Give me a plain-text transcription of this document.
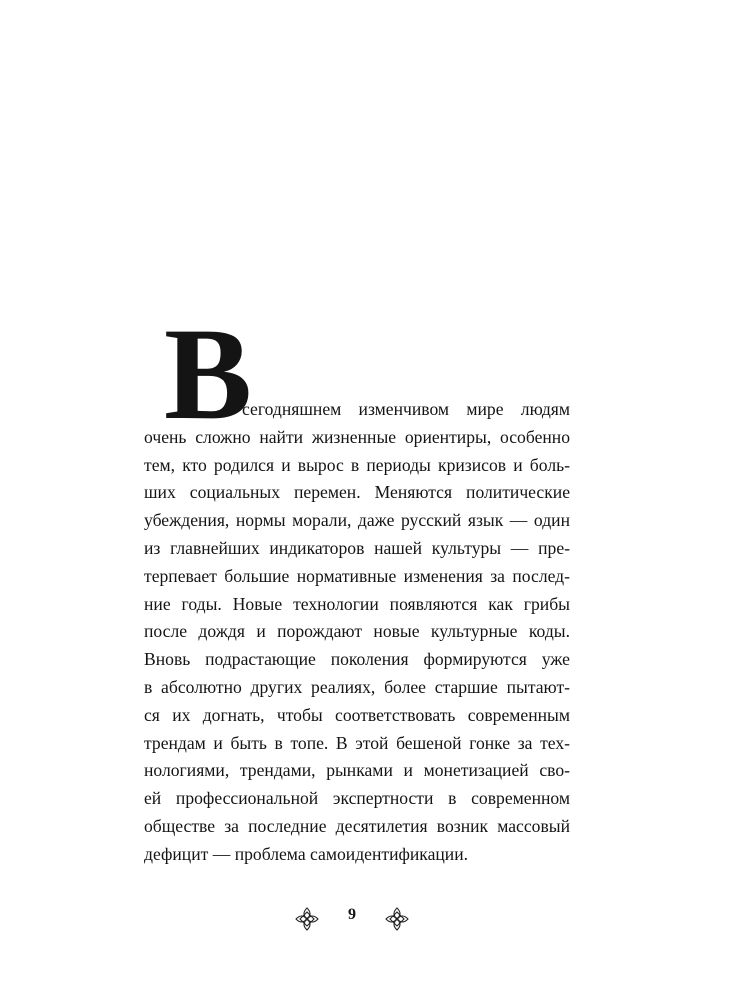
В
сегодняшнем изменчивом мире людям
очень сложно найти жизненные ориентиры, особенно
тем, кто родился и вырос в периоды кризисов и боль-
ших социальных перемен. Меняются политические
убеждения, нормы морали, даже русский язык — один
из главнейших индикаторов нашей культуры — пре-
терпевает большие нормативные изменения за послед-
ние годы. Новые технологии появляются как грибы
после дождя и порождают новые культурные коды.
Вновь подрастающие поколения формируются уже
в абсолютно других реалиях, более старшие пытают-
ся их догнать, чтобы соответствовать современным
трендам и быть в топе. В этой бешеной гонке за тех-
нологиями, трендами, рынками и монетизацией сво-
ей профессиональной экспертности в современном
обществе за последние десятилетия возник массовый
дефицит — проблема самоидентификации.
9
